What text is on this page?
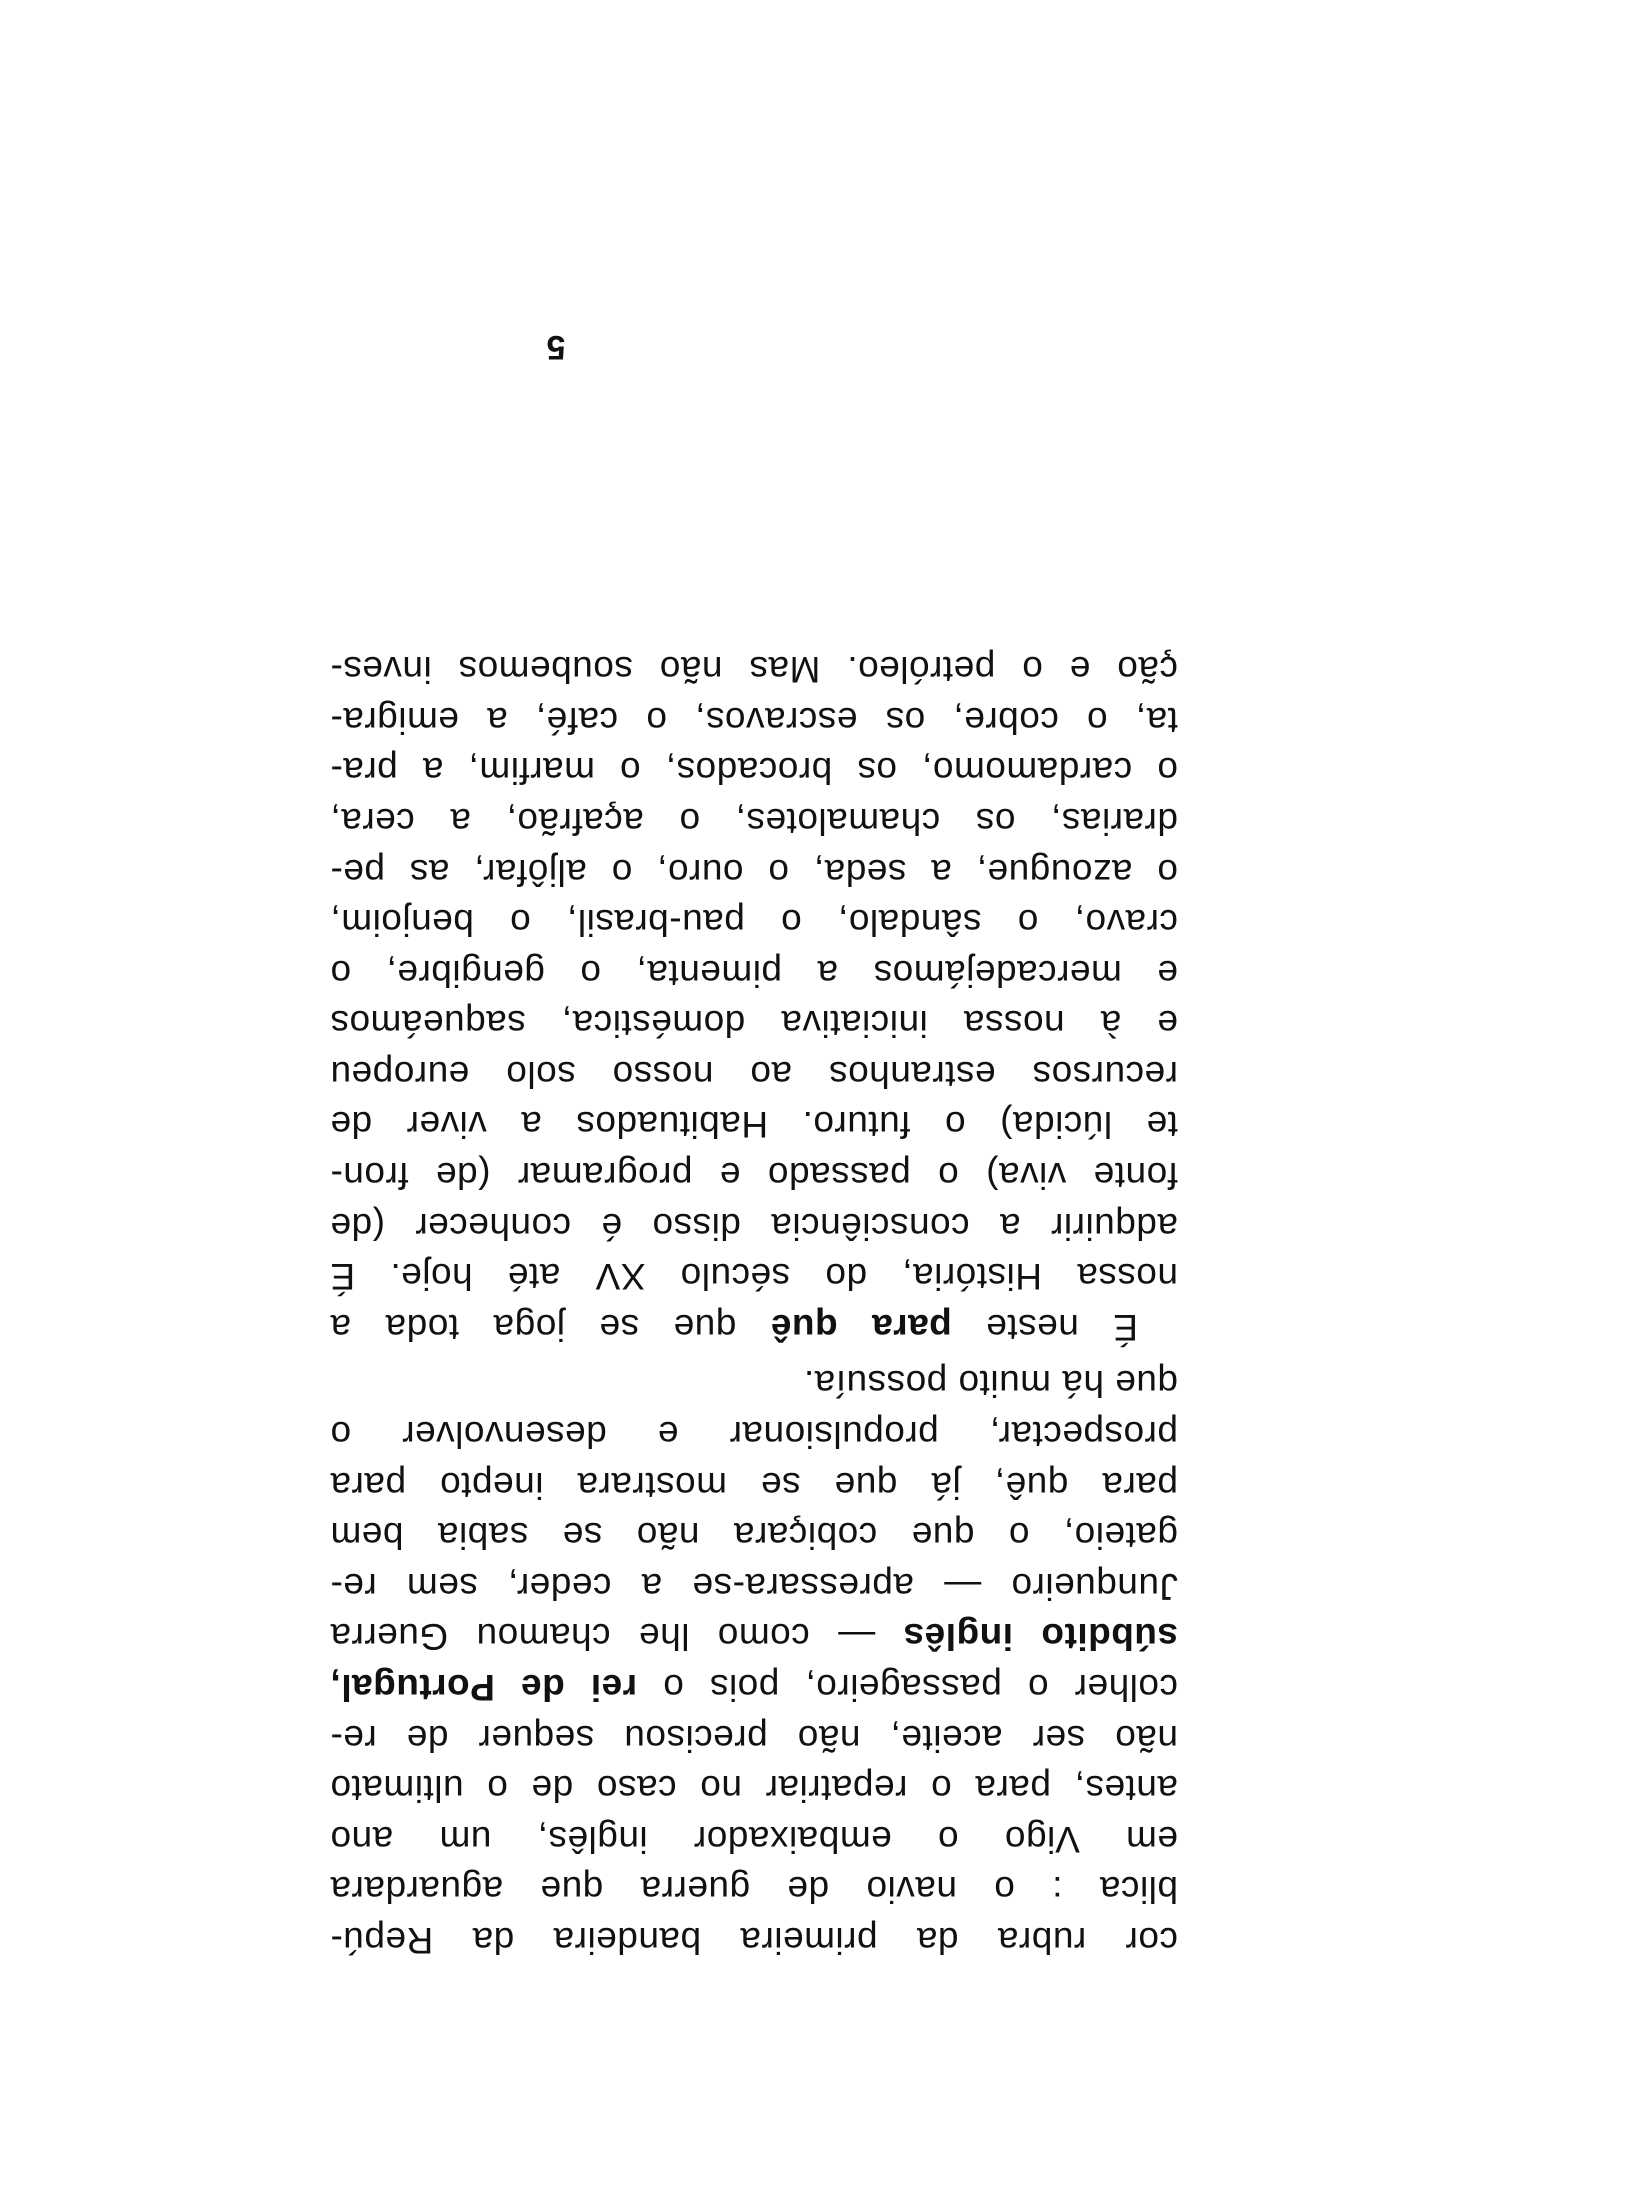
cor rubra da primeira bandeira da Repú-
blica : o navio de guerra que aguardara
em Vigo o embaixador inglês, um ano
antes, para o repatriar no caso de o ultimato
não ser aceite, não precisou sequer de re-
colher o passageiro, pois o rei de Portugal,
súbdito inglês — como lhe chamou Guerra
Junqueiro — apressara-se a ceder, sem re-
gateio, o que cobiçara não se sabia bem
para quê, já que se mostrara inepto para
prospectar, propulsionar e desenvolver o
que há muito possuía.
É neste para quê que se joga toda a
nossa História, do século XV até hoje. É
adquirir a consciência disso é conhecer (de
fonte viva) o passado e programar (de fron-
te lúcida) o futuro. Habituados a viver de
recursos estranhos ao nosso solo europeu
e à nossa iniciativa doméstica, saqueámos
e mercadejámos a pimenta, o gengibre, o
cravo, o sândalo, o pau-brasil, o benjoim,
o azougue, a seda, o ouro, o aljôfar, as pe-
drarias, os chamalotes, o açafrão, a cera,
o cardamomo, os brocados, o marfim, a pra-
ta, o cobre, os escravos, o café, a emigra-
ção e o petróleo. Mas não soubemos inves-
5
